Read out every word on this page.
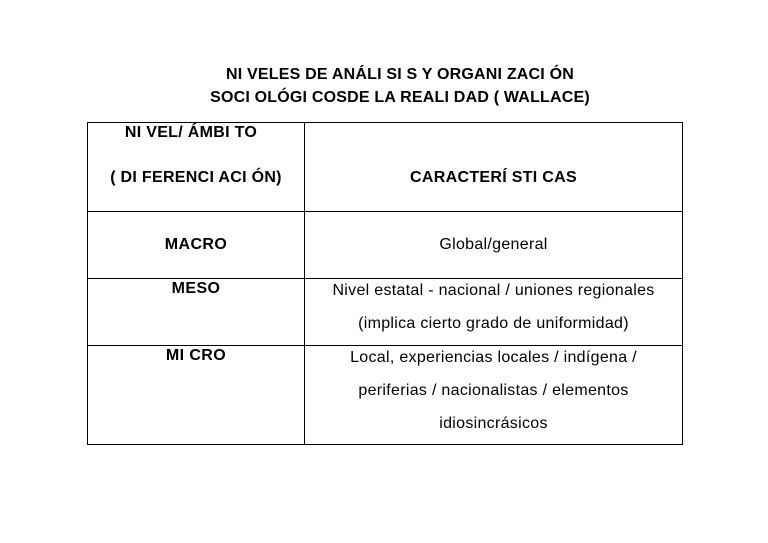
NI VELES DE ANÁLI SI S Y ORGANI ZACI ÓN
SOCI OLÓGI COSDE LA REALI DAD ( WALLACE)
NI VEL/ ÁMBI TO
( DI FERENCI ACI ÓN)	CARACTERÍ STI CAS

MACRO	Global/general

MESO	Nivel estatal - nacional / uniones regionales
(implica cierto grado de uniformidad)

MI CRO	Local, experiencias locales / indígena /
periferias / nacionalistas / elementos
idiosincrásicos
